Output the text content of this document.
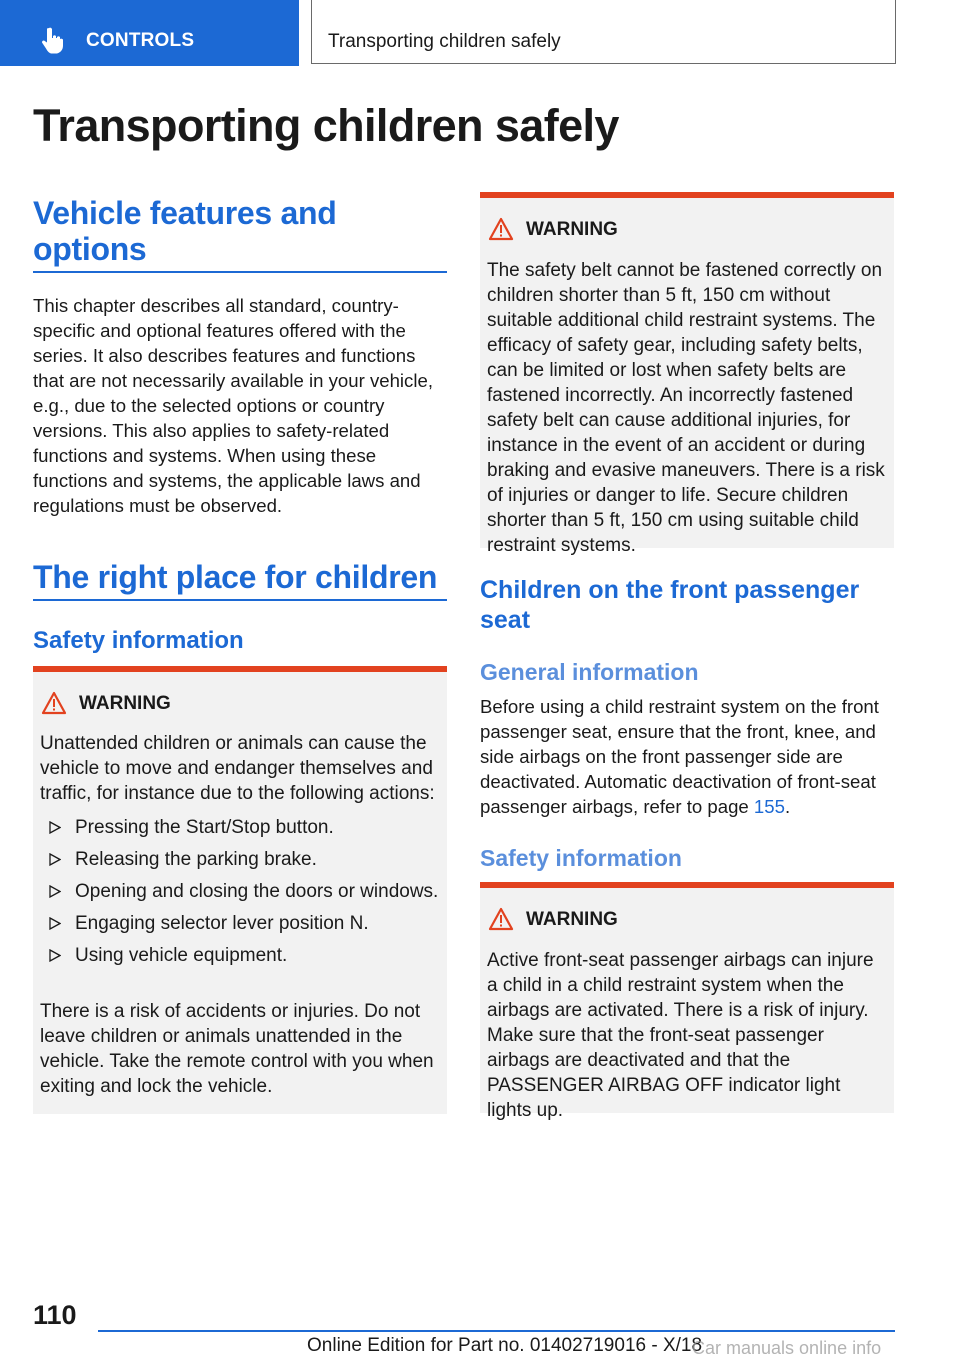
CONTROLS	Transporting children safely
Transporting children safely
Vehicle features and options

This chapter describes all standard, country-specific and optional features offered with the series. It also describes features and functions that are not necessarily available in your vehicle, e.g., due to the selected options or country versions. This also applies to safety-related functions and systems. When using these functions and systems, the applicable laws and regulations must be observed.

The right place for children
Safety information
WARNING

Unattended children or animals can cause the vehicle to move and endanger themselves and traffic, for instance due to the following actions:

Pressing the Start/Stop button.
Releasing the parking brake.
Opening and closing the doors or windows.
Engaging selector lever position N.
Using vehicle equipment.

There is a risk of accidents or injuries. Do not leave children or animals unattended in the vehicle. Take the remote control with you when exiting and lock the vehicle.

WARNING

The safety belt cannot be fastened correctly on children shorter than 5 ft, 150 cm without suitable additional child restraint systems. The efficacy of safety gear, including safety belts, can be limited or lost when safety belts are fastened incorrectly. An incorrectly fastened safety belt can cause additional injuries, for instance in the event of an accident or during braking and evasive maneuvers. There is a risk of injuries or danger to life. Secure children shorter than 5 ft, 150 cm using suitable child restraint systems.

Children on the front passenger seat
General information

Before using a child restraint system on the front passenger seat, ensure that the front, knee, and side airbags on the front passenger side are deactivated. Automatic deactivation of front-seat passenger airbags, refer to page 155.

Safety information
WARNING

Active front-seat passenger airbags can injure a child in a child restraint system when the airbags are activated. There is a risk of injury. Make sure that the front-seat passenger airbags are deactivated and that the PASSENGER AIRBAG OFF indicator light lights up.

110
Online Edition for Part no. 01402719016 - X/18
Car manuals online info
